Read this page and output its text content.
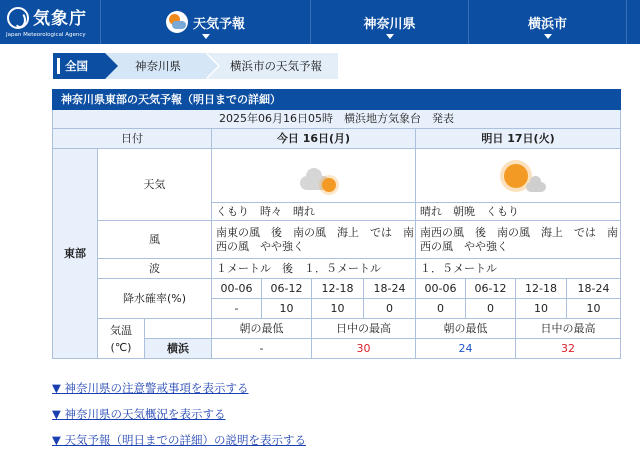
気象庁
Japan Meteorological Agency
天気予報	神奈川県	横浜市
全国	神奈川県	横浜市の天気予報
神奈川県東部の天気予報（明日までの詳細）										
2025年06月16日05時　横浜地方気象台　発表										
日付			今日 16日(月)				明日 17日(火)			
東部	天気								

			くもり　時々　晴れ				晴れ　朝晩　くもり			
	風		南東の風　後　南の風　海上　では　南西の風　やや強く				南西の風　後　南の風　海上　では　南西の風　やや強く			
	波		１メートル　後　１．５メートル				１．５メートル			
	降水確率(%)		00-06	06-12	12-18	18-24	00-06	06-12	12-18	18-24
			-	10	10	0	0	0	10	10
	気温
(℃)		朝の最低		日中の最高		朝の最低		日中の最高	
		横浜	-		30		24		32	
▼ 神奈川県の注意警戒事項を表示する
▼ 神奈川県の天気概況を表示する
▼ 天気予報（明日までの詳細）の説明を表示する
